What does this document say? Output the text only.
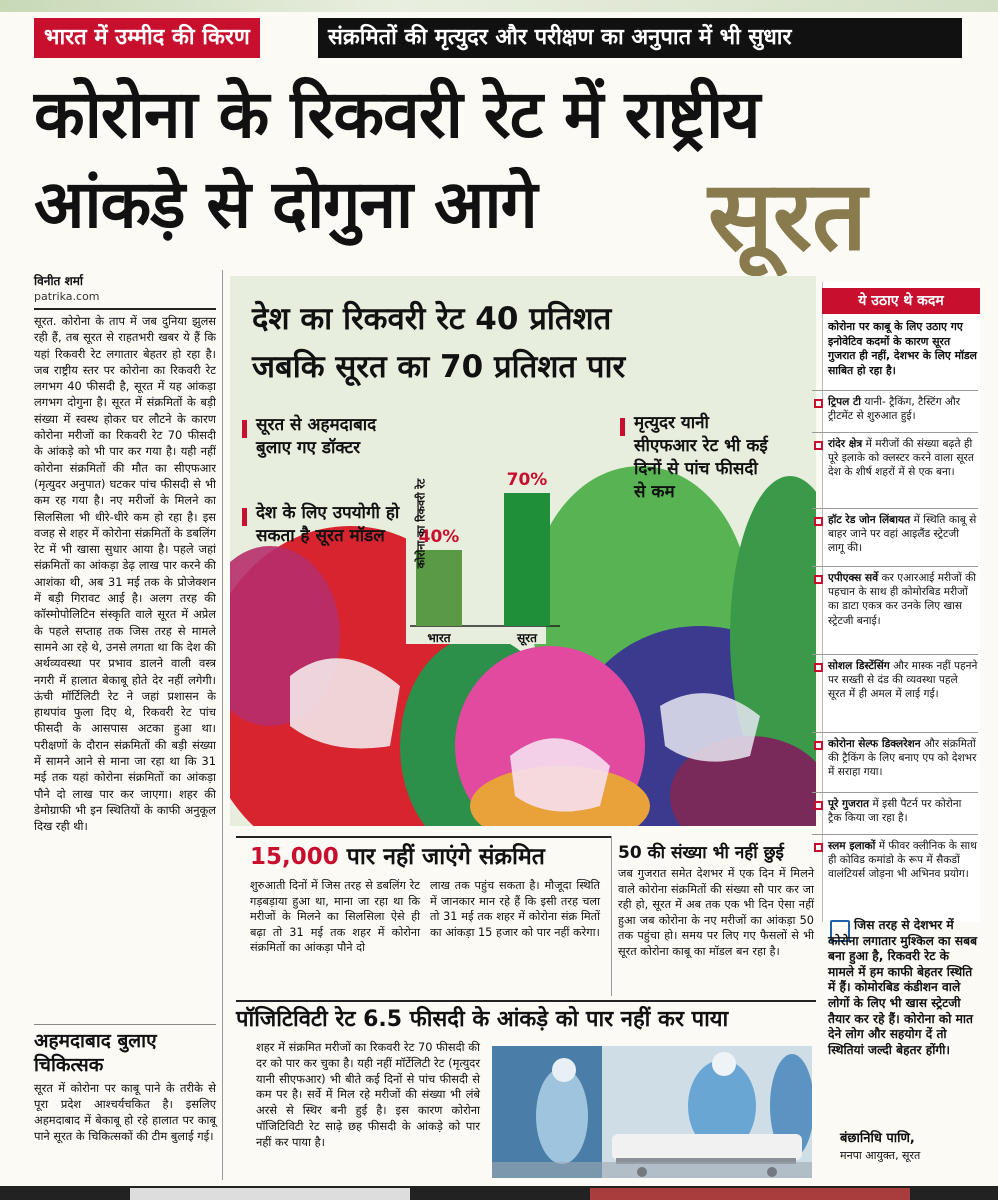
भारत में उम्मीद की किरण	संक्रमितों की मृत्युदर और परीक्षण का अनुपात में भी सुधार
कोरोना के रिकवरी रेट में राष्ट्रीय
आंकड़े से दोगुना आगे सूरत
विनीत शर्मा
patrika.com
सूरत. कोरोना के ताप में जब दुनिया झुलस रही हैं, तब सूरत से राहतभरी खबर ये हैं कि यहां रिकवरी रेट लगातार बेहतर हो रहा है। जब राष्ट्रीय स्तर पर कोरोना का रिकवरी रेट लगभग 40 फीसदी है, सूरत में यह आंकड़ा लगभग दोगुना है। सूरत में संक्रमितों के बड़ी संख्या में स्वस्थ होकर घर लौटने के कारण कोरोना मरीजों का रिकवरी रेट 70 फीसदी के आंकड़े को भी पार कर गया है। यही नहीं कोरोना संक्रमितों की मौत का सीएफआर (मृत्युदर अनुपात) घटकर पांच फीसदी से भी कम रह गया है। नए मरीजों के मिलने का सिलसिला भी धीरे-धीरे कम हो रहा है। इस वजह से शहर में कोरोना संक्रमितों के डबलिंग रेट में भी खासा सुधार आया है। पहले जहां संक्रमितों का आंकड़ा डेढ़ लाख पार करने की आशंका थी, अब 31 मई तक के प्रोजेक्शन में बड़ी गिरावट आई है। अलग तरह की कॉस्मोपोलिटिन संस्कृति वाले सूरत में अप्रेल के पहले सप्ताह तक जिस तरह से मामले सामने आ रहे थे, उनसे लगता था कि देश की अर्थव्यवस्था पर प्रभाव डालने वाली वस्त्र नगरी में हालात बेकाबू होते देर नहीं लगेगी। ऊंची मॉर्टिलिटी रेट ने जहां प्रशासन के हाथपांव फुला दिए थे, रिकवरी रेट पांच फीसदी के आसपास अटका हुआ था। परीक्षणों के दौरान संक्रमितों की बड़ी संख्या में सामने आने से माना जा रहा था कि 31 मई तक यहां कोरोना संक्रमितों का आंकड़ा पौने दो लाख पार कर जाएगा। शहर की डेमोग्राफी भी इन स्थितियों के काफी अनुकूल दिख रही थी।
अहमदाबाद बुलाए चिकित्सक
सूरत में कोरोना पर काबू पाने के तरीके से पूरा प्रदेश आश्चर्यचकित है। इसलिए अहमदाबाद में बेकाबू हो रहे हालात पर काबू पाने सूरत के चिकित्सकों की टीम बुलाई गई।
40%
भारत
70%
सूरत
देश का रिकवरी रेट 40 प्रतिशत
जबकि सूरत का 70 प्रतिशत पार
सूरत से अहमदाबाद बुलाए गए डॉक्टर
देश के लिए उपयोगी हो सकता है सूरत मॉडल
मृत्युदर यानी सीएफआर रेट भी कई दिनों से पांच फीसदी से कम
कोरोना का रिकवरी रेट
ये उठाए थे कदम
कोरोना पर काबू के लिए उठाए गए इनोवेटिव कदमों के कारण सूरत गुजरात ही नहीं, देशभर के लिए मॉडल साबित हो रहा है।
ट्रिपल टी यानी- ट्रैकिंग, टैस्टिंग और ट्रीटमेंट से शुरुआत हुई।
रांदेर क्षेत्र में मरीजों की संख्या बढ़ते ही पूरे इलाके को क्लस्टर करने वाला सूरत देश के शीर्ष शहरों में से एक बना।
हॉट रेड जोन लिंबायत में स्थिति काबू से बाहर जाने पर वहां आइलैंड स्ट्रेटजी लागू की।
एपीएक्स सर्वे कर एआरआई मरीजों की पहचान के साथ ही कोमोरबिड मरीजों का डाटा एकत्र कर उनके लिए खास स्ट्रेटजी बनाई।
सोशल डिस्टेंसिंग और मास्क नहीं पहनने पर सख्ती से दंड की व्यवस्था पहले सूरत में ही अमल में लाई गई।
कोरोना सेल्फ डिक्लरेशन और संक्रमितों की ट्रैकिंग के लिए बनाए एप को देशभर में सराहा गया।
पूरे गुजरात में इसी पैटर्न पर कोरोना ट्रैक किया जा रहा है।
स्लम इलाकों में फीवर क्लीनिक के साथ ही कोविड कमांडो के रूप में सैकडों वालंटियर्स जोड़ना भी अभिनव प्रयोग।
जिस तरह से देशभर में कोरोना लगातार मुश्किल का सबब बना हुआ है, रिकवरी रेट के मामले में हम काफी बेहतर स्थिति में हैं। कोमोरबिड कंडीशन वाले लोगों के लिए भी खास स्ट्रेटजी तैयार कर रहे हैं। कोरोना को मात देने लोग और सहयोग दें तो स्थितियां जल्दी बेहतर होंगी।
बंछानिधि पाणि,
मनपा आयुक्त, सूरत
15,000 पार नहीं जाएंगे संक्रमित
शुरुआती दिनों में जिस तरह से डबलिंग रेट गड़बड़ाया हुआ था, माना जा रहा था कि मरीजों के मिलने का सिलसिला ऐसे ही बढ़ा तो 31 मई तक शहर में कोरोना संक्रमितों का आंकड़ा पौने दो
लाख तक पहुंच सकता है। मौजूदा स्थिति में जानकार मान रहे हैं कि इसी तरह चला तो 31 मई तक शहर में कोरोना संक्र मितों का आंकड़ा 15 हजार को पार नहीं करेगा।
50 की संख्या भी नहीं छुई
जब गुजरात समेत देशभर में एक दिन में मिलने वाले कोरोना संक्रमितों की संख्या सौ पार कर जा रही हो, सूरत में अब तक एक भी दिन ऐसा नहीं हुआ जब कोरोना के नए मरीजों का आंकड़ा 50 तक पहुंचा हो। समय पर लिए गए फैसलों से भी सूरत कोरोना काबू का मॉडल बन रहा है।
पॉजिटिविटी रेट 6.5 फीसदी के आंकड़े को पार नहीं कर पाया
शहर में संक्रमित मरीजों का रिकवरी रेट 70 फीसदी की दर को पार कर चुका है। यही नहीं मॉर्टेलिटी रेट (मृत्युदर यानी सीएफआर) भी बीते कई दिनों से पांच फीसदी से कम पर है। सर्वे में मिल रहे मरीजों की संख्या भी लंबे अरसे से स्थिर बनी हुई है। इस कारण कोरोना पॉजिटिविटी रेट साढ़े छह फीसदी के आंकड़े को पार नहीं कर पाया है।
